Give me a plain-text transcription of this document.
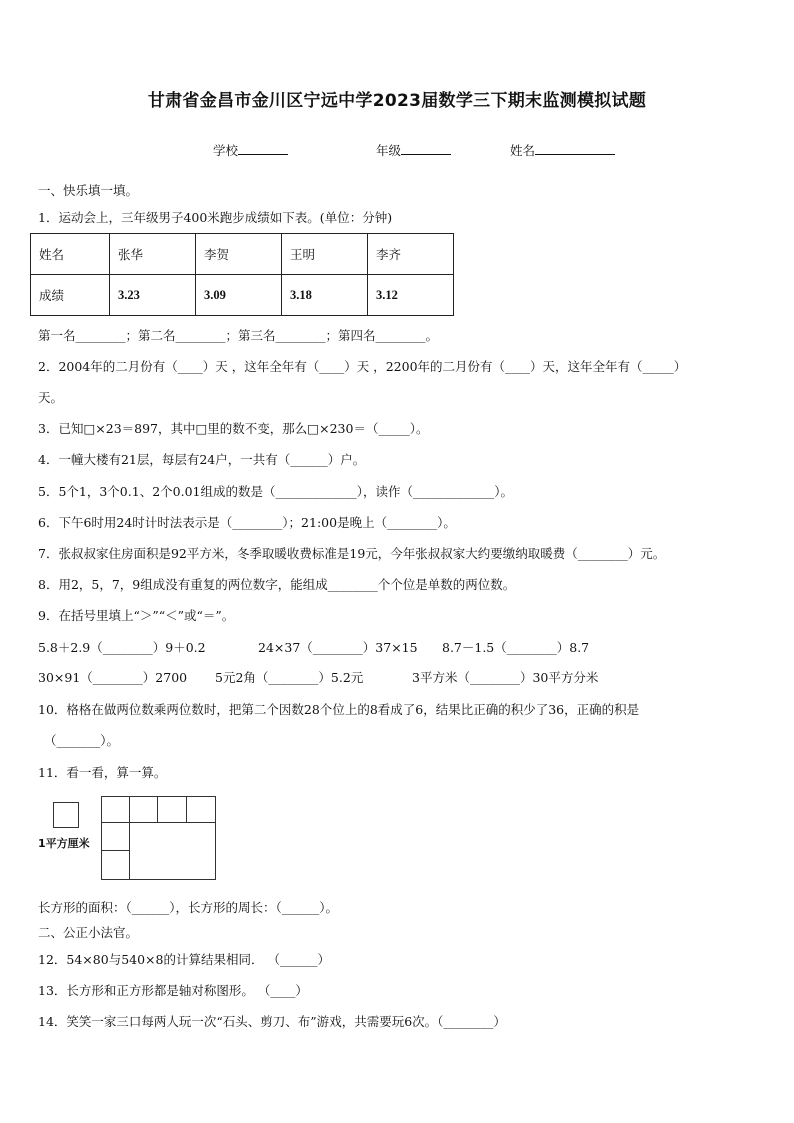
甘肃省金昌市金川区宁远中学2023届数学三下期末监测模拟试题
学校	年级	姓名
一、快乐填一填。
1．运动会上，三年级男子400米跑步成绩如下表。(单位：分钟)
姓名	张华	李贺	王明	李齐
成绩	3.23	3.09	3.18	3.12
第一名________；第二名________；第三名________；第四名________。
2．2004年的二月份有（____）天 ，这年全年有（____）天 ，2200年的二月份有（____）天，这年全年有（_____）
天。
3．已知□×23＝897，其中□里的数不变，那么□×230＝（_____）。
4．一幢大楼有21层，每层有24户，一共有（______）户。
5．5个1，3个0.1、2个0.01组成的数是（_____________），读作（_____________）。
6．下午6时用24时计时法表示是（________）；21:00是晚上（________）。
7．张叔叔家住房面积是92平方米，冬季取暖收费标准是19元，今年张叔叔家大约要缴纳取暖费（________）元。
8．用2，5，7，9组成没有重复的两位数字，能组成________个个位是单数的两位数。
9．在括号里填上“＞”“＜”或“＝”。
5.8＋2.9（________）9＋0.2	24×37（________）37×15 8.7－1.5（________）8.7
30×91（________）2700 5元2角（________）5.2元	3平方米（________）30平方分米
10．格格在做两位数乘两位数时，把第二个因数28个位上的8看成了6，结果比正确的积少了36，正确的积是
（_______）。
11．看一看，算一算。
1平方厘米
长方形的面积：（______），长方形的周长：（______）。
二、公正小法官。
12．54×80与540×8的计算结果相同． （______）
13．长方形和正方形都是轴对称图形。 （____）
14．笑笑一家三口每两人玩一次“石头、剪刀、布”游戏，共需要玩6次。（________）
